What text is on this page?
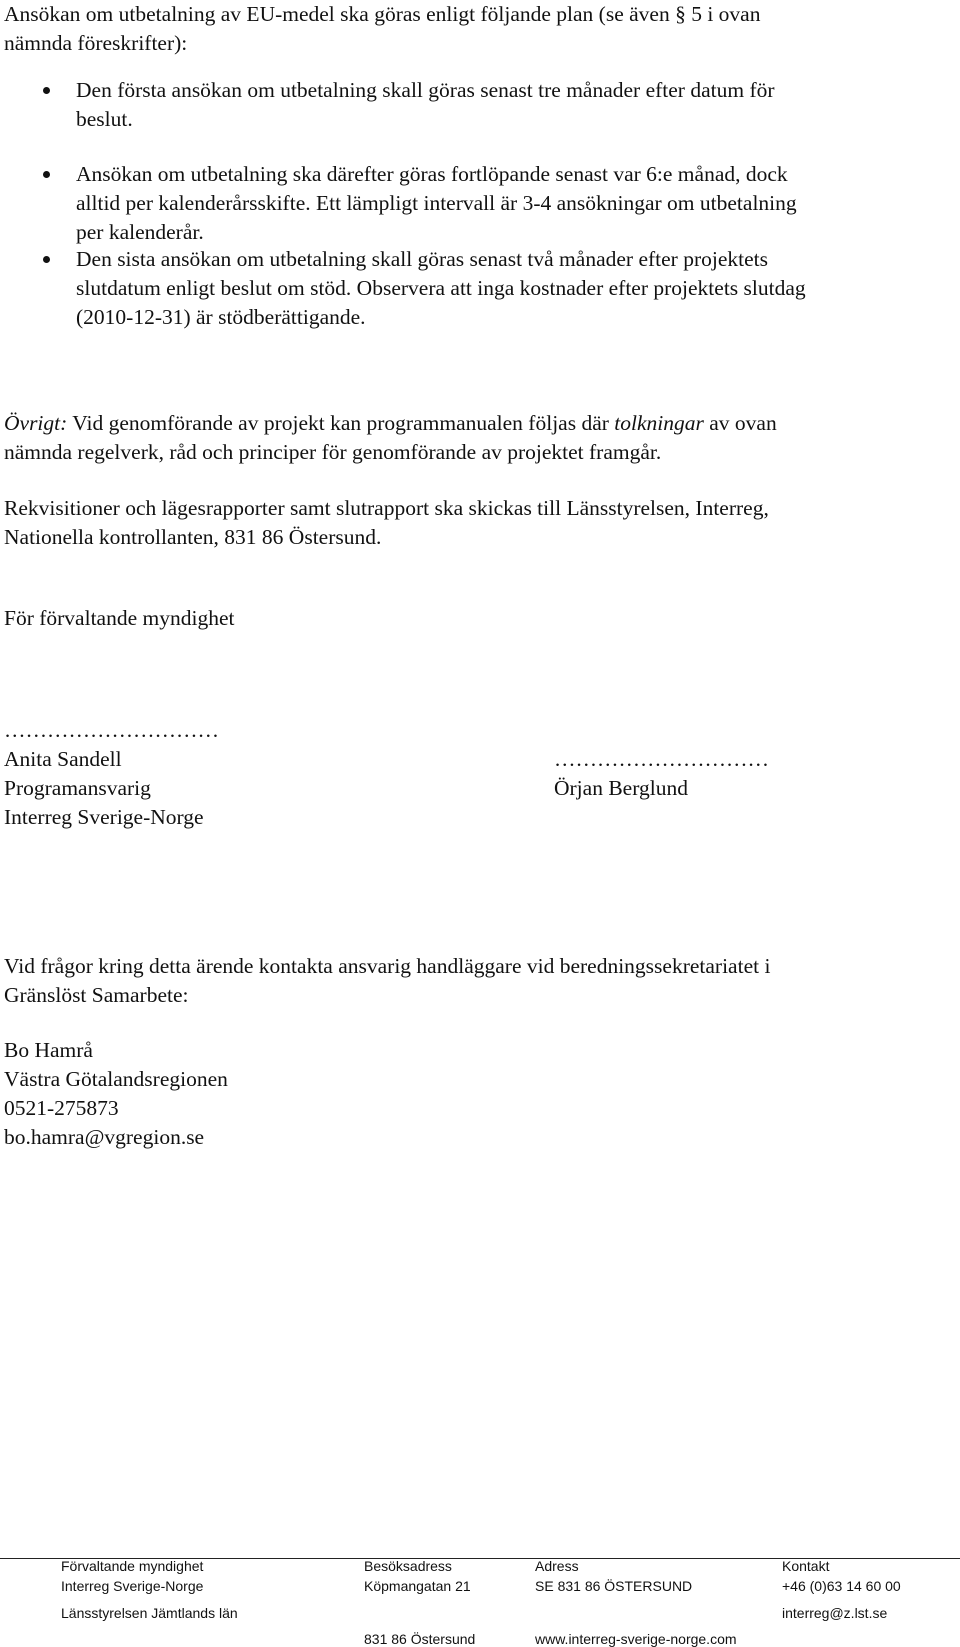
Ansökan om utbetalning av EU-medel ska göras enligt följande plan (se även § 5 i ovan
nämnda föreskrifter):
Den första ansökan om utbetalning skall göras senast tre månader efter datum för
beslut.
Ansökan om utbetalning ska därefter göras fortlöpande senast var 6:e månad, dock
alltid per kalenderårsskifte. Ett lämpligt intervall är 3-4 ansökningar om utbetalning
per kalenderår.
Den sista ansökan om utbetalning skall göras senast två månader efter projektets
slutdatum enligt beslut om stöd. Observera att inga kostnader efter projektets slutdag
(2010-12-31) är stödberättigande.
Övrigt: Vid genomförande av projekt kan programmanualen följas där tolkningar av ovan
nämnda regelverk, råd och principer för genomförande av projektet framgår.
Rekvisitioner och lägesrapporter samt slutrapport ska skickas till Länsstyrelsen, Interreg,
Nationella kontrollanten, 831 86 Östersund.
För förvaltande myndighet
…………………………
Anita Sandell
Programansvarig
Interreg Sverige-Norge
…………………………
Örjan Berglund
Vid frågor kring detta ärende kontakta ansvarig handläggare vid beredningssekretariatet i
Gränslöst Samarbete:
Bo Hamrå
Västra Götalandsregionen
0521-275873
bo.hamra@vgregion.se
Förvaltande myndighet
Interreg Sverige-Norge
Länsstyrelsen Jämtlands län
Besöksadress
Köpmangatan 21
831 86 Östersund
Adress
SE 831 86 ÖSTERSUND
www.interreg-sverige-norge.com
Kontakt
+46 (0)63 14 60 00
interreg@z.lst.se
